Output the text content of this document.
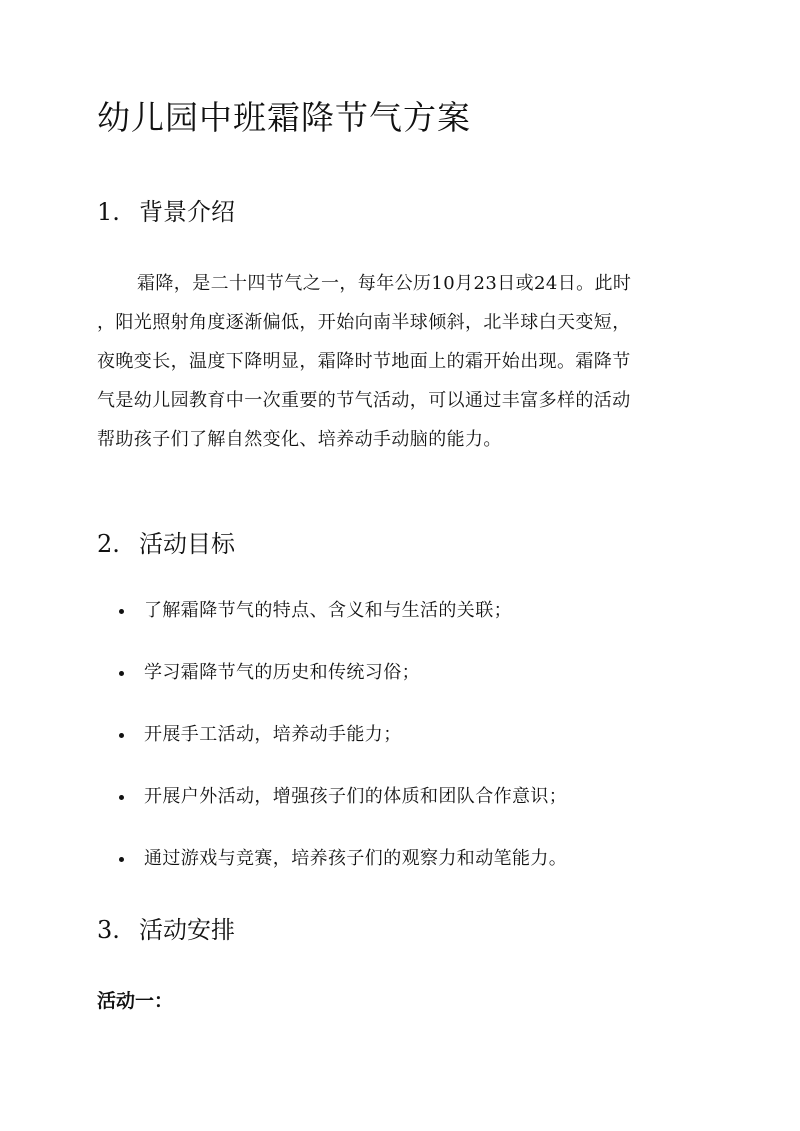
幼儿园中班霜降节气方案
1. 背景介绍
霜降，是二十四节气之一，每年公历10月23日或24日。此时
，阳光照射角度逐渐偏低，开始向南半球倾斜，北半球白天变短，
夜晚变长，温度下降明显，霜降时节地面上的霜开始出现。霜降节
气是幼儿园教育中一次重要的节气活动，可以通过丰富多样的活动
帮助孩子们了解自然变化、培养动手动脑的能力。
2. 活动目标
了解霜降节气的特点、含义和与生活的关联；
学习霜降节气的历史和传统习俗；
开展手工活动，培养动手能力；
开展户外活动，增强孩子们的体质和团队合作意识；
通过游戏与竞赛，培养孩子们的观察力和动笔能力。
3. 活动安排

活动一：
